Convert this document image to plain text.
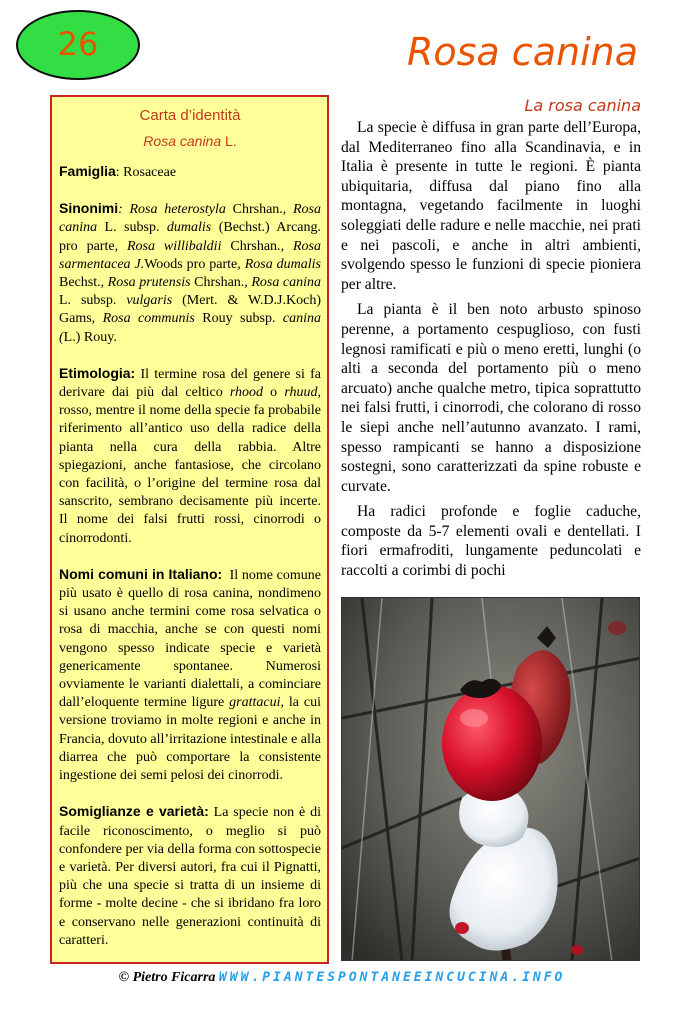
26	Rosa canina

Carta d’identità

Rosa canina L.

Famiglia: Rosaceae

Sinonimi: Rosa heterostyla Chrshan., Rosa canina L. subsp. dumalis (Bechst.) Arcang. pro parte, Rosa willibaldii Chrshan., Rosa sarmentacea J.Woods pro parte, Rosa dumalis Bechst., Rosa prutensis Chrshan., Rosa canina L. subsp. vulgaris (Mert. & W.D.J.Koch) Gams, Rosa communis Rouy subsp. canina (L.) Rouy.

Etimologia: Il termine rosa del genere si fa derivare dai più dal celtico rhood o rhuud, rosso, mentre il nome della specie fa probabile riferimento all’antico uso della radice della pianta nella cura della rabbia. Altre spiegazioni, anche fantasiose, che circolano con facilità, o l’origine del termine rosa dal sanscrito, sembrano decisamente più incerte. Il nome dei falsi frutti rossi, cinorrodi o cinorrodonti.

Nomi comuni in Italiano:  Il nome comune più usato è quello di rosa canina, nondimeno si usano anche termini come rosa selvatica o rosa di macchia, anche se con questi nomi vengono spesso indicate specie e varietà genericamente spontanee. Numerosi ovviamente le varianti dialettali, a cominciare dall’eloquente termine ligure grattacui, la cui versione troviamo in molte regioni e anche in Francia, dovuto all’irritazione intestinale e alla diarrea che può comportare la consistente ingestione dei semi pelosi dei cinorrodi.

Somiglianze e varietà: La specie non è di facile riconoscimento, o meglio si può confondere per via della forma con sottospecie e varietà. Per diversi autori, fra cui il Pignatti, più che una specie si tratta di un insieme di forme - molte decine - che si ibridano fra loro e conservano nelle generazioni continuità di caratteri.

La rosa canina

La specie è diffusa in gran parte dell’Europa, dal Mediterraneo fino alla Scandinavia, e in Italia è presente in tutte le regioni. È pianta ubiquitaria, diffusa dal piano fino alla montagna, vegetando facilmente in luoghi soleggiati delle radure e nelle macchie, nei prati e nei pascoli, e anche in altri ambienti, svolgendo spesso le funzioni di specie pioniera per altre.

La pianta è il ben noto arbusto spinoso perenne, a portamento cespuglioso, con fusti legnosi ramificati e più o meno eretti, lunghi (o alti a seconda del portamento più o meno arcuato) anche qualche metro, tipica soprattutto nei falsi frutti, i cinorrodi, che colorano di rosso le siepi anche nell’autunno avanzato. I rami, spesso rampicanti se hanno a disposizione sostegni, sono caratterizzati da spine robuste e curvate.

Ha radici profonde e foglie caduche, composte da 5-7 elementi ovali e dentellati. I fiori ermafroditi, lungamente peduncolati e raccolti a corimbi di pochi

© Pietro Ficarra WWW.PIANTESPONTANEEINCUCINA.INFO
